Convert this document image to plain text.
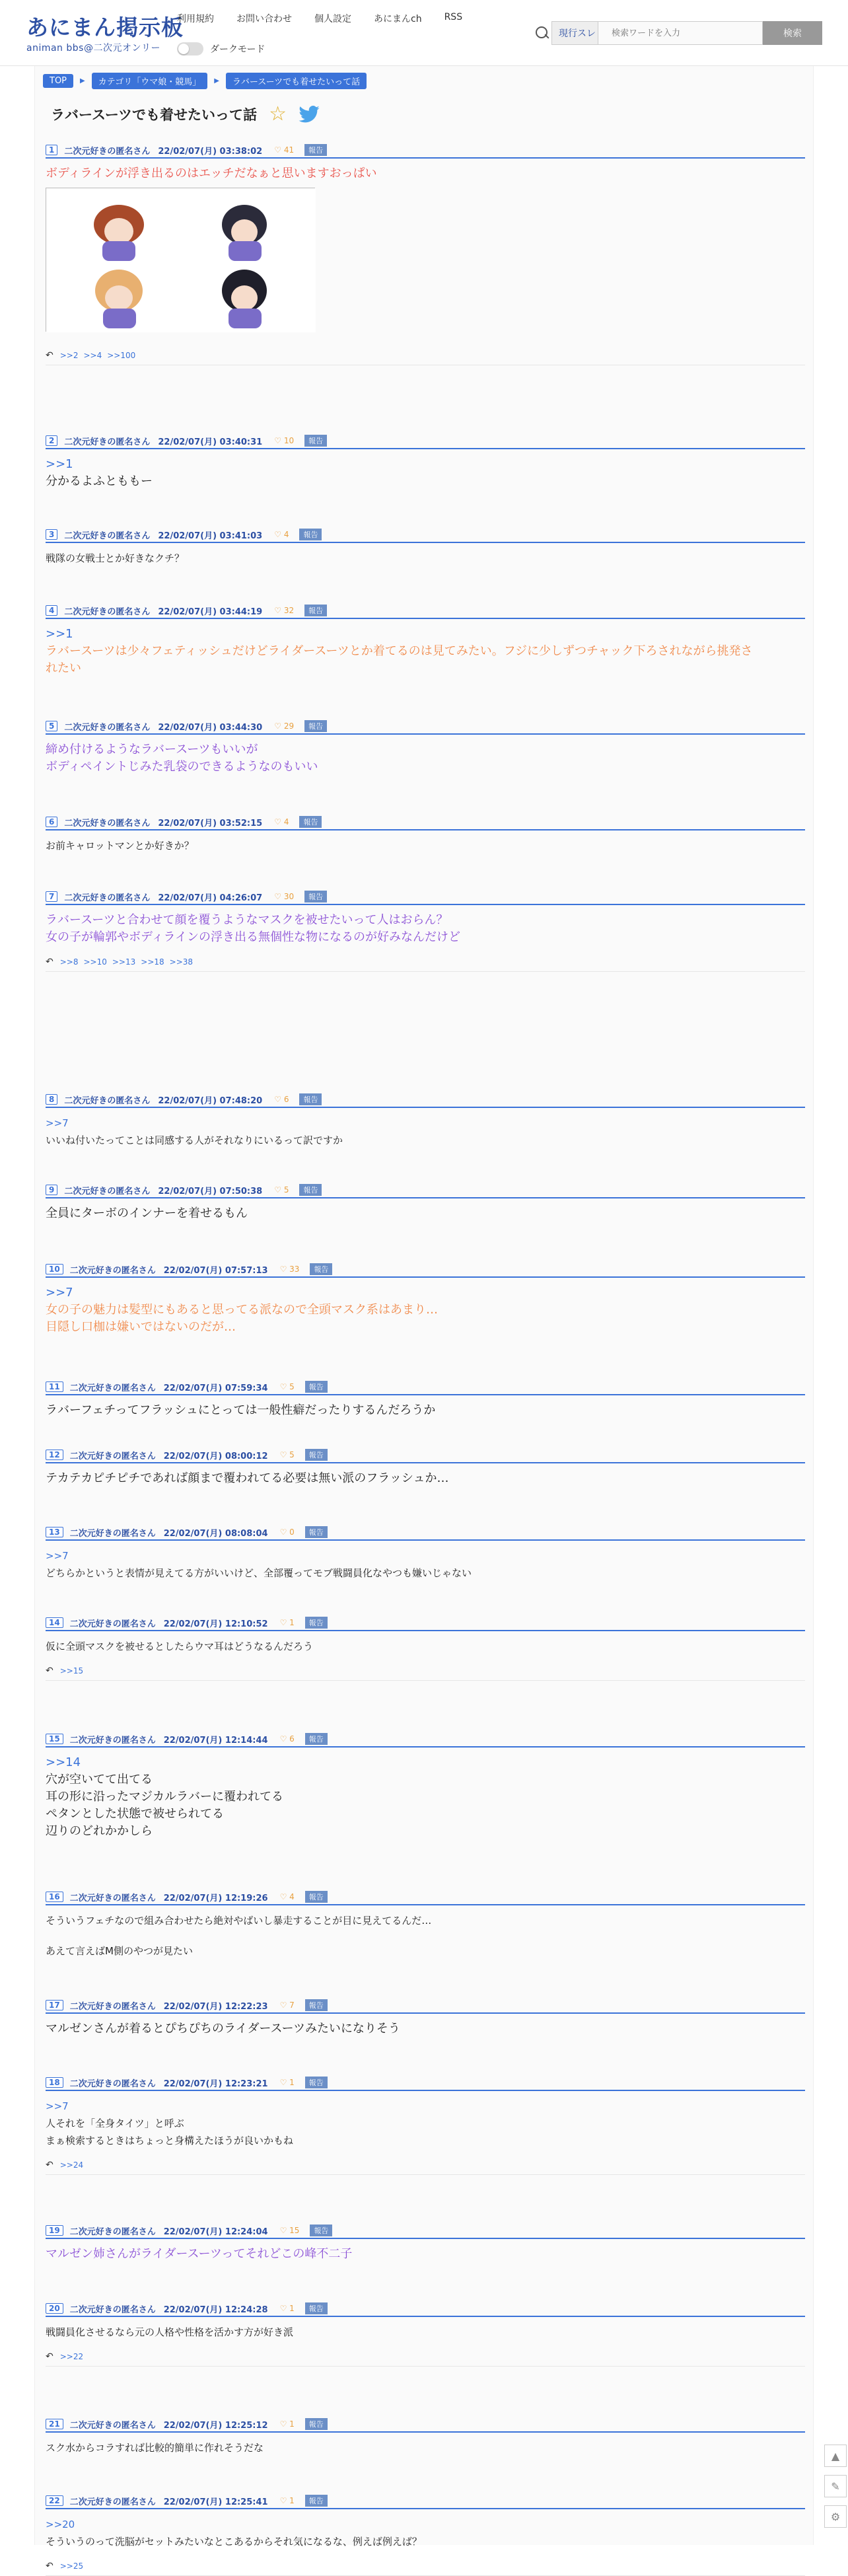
あにまん掲示板
animan bbs@二次元オンリー
利用規約 お問い合わせ 個人設定 あにまんch RSS
ダークモード
現行スレ
検索ワードを入力	検索
TOP	▶	カテゴリ「ウマ娘・競馬」	▶	ラバースーツでも着せたいって話
ラバースーツでも着せたいって話 ☆
1	二次元好きの匿名さん 22/02/07(月) 03:38:02 ♡ 41	報告
ボディラインが浮き出るのはエッチだなぁと思いますおっぱい
↶ >>2 >>4 >>100
2	二次元好きの匿名さん 22/02/07(月) 03:40:31 ♡ 10	報告
>>1
分かるよふとももー
3	二次元好きの匿名さん 22/02/07(月) 03:41:03 ♡ 4	報告
戦隊の女戦士とか好きなクチ？
4	二次元好きの匿名さん 22/02/07(月) 03:44:19 ♡ 32	報告
>>1
ラバースーツは少々フェティッシュだけどライダースーツとか着てるのは見てみたい。フジに少しずつチャック下ろされながら挑発さ
れたい
5	二次元好きの匿名さん 22/02/07(月) 03:44:30 ♡ 29	報告
締め付けるようなラバースーツもいいが
ボディペイントじみた乳袋のできるようなのもいい
6	二次元好きの匿名さん 22/02/07(月) 03:52:15 ♡ 4	報告
お前キャロットマンとか好きか？
7	二次元好きの匿名さん 22/02/07(月) 04:26:07 ♡ 30	報告
ラバースーツと合わせて顔を覆うようなマスクを被せたいって人はおらん？
女の子が輪郭やボディラインの浮き出る無個性な物になるのが好みなんだけど
↶ >>8 >>10 >>13 >>18 >>38
8	二次元好きの匿名さん 22/02/07(月) 07:48:20 ♡ 6	報告
>>7
いいね付いたってことは同感する人がそれなりにいるって訳ですか
9	二次元好きの匿名さん 22/02/07(月) 07:50:38 ♡ 5	報告
全員にターボのインナーを着せるもん
10	二次元好きの匿名さん 22/02/07(月) 07:57:13 ♡ 33	報告
>>7
女の子の魅力は髪型にもあると思ってる派なので全頭マスク系はあまり…
目隠し口枷は嫌いではないのだが…
11	二次元好きの匿名さん 22/02/07(月) 07:59:34 ♡ 5	報告
ラバーフェチってフラッシュにとっては一般性癖だったりするんだろうか
12	二次元好きの匿名さん 22/02/07(月) 08:00:12 ♡ 5	報告
テカテカピチピチであれば顔まで覆われてる必要は無い派のフラッシュか…
13	二次元好きの匿名さん 22/02/07(月) 08:08:04 ♡ 0	報告
>>7
どちらかというと表情が見えてる方がいいけど、全部覆ってモブ戦闘員化なやつも嫌いじゃない
14	二次元好きの匿名さん 22/02/07(月) 12:10:52 ♡ 1	報告
仮に全頭マスクを被せるとしたらウマ耳はどうなるんだろう
↶ >>15
15	二次元好きの匿名さん 22/02/07(月) 12:14:44 ♡ 6	報告
>>14
穴が空いてて出てる
耳の形に沿ったマジカルラバーに覆われてる
ペタンとした状態で被せられてる
辺りのどれかかしら
16	二次元好きの匿名さん 22/02/07(月) 12:19:26 ♡ 4	報告
そういうフェチなので組み合わせたら絶対やばいし暴走することが目に見えてるんだ…
あえて言えばM側のやつが見たい
17	二次元好きの匿名さん 22/02/07(月) 12:22:23 ♡ 7	報告
マルゼンさんが着るとぴちぴちのライダースーツみたいになりそう
18	二次元好きの匿名さん 22/02/07(月) 12:23:21 ♡ 1	報告
>>7
人それを「全身タイツ」と呼ぶ
まぁ検索するときはちょっと身構えたほうが良いかもね
↶ >>24
19	二次元好きの匿名さん 22/02/07(月) 12:24:04 ♡ 15	報告
マルゼン姉さんがライダースーツってそれどこの峰不二子
20	二次元好きの匿名さん 22/02/07(月) 12:24:28 ♡ 1	報告
戦闘員化させるなら元の人格や性格を活かす方が好き派
↶ >>22
21	二次元好きの匿名さん 22/02/07(月) 12:25:12 ♡ 1	報告
スク水からコラすれば比較的簡単に作れそうだな
22	二次元好きの匿名さん 22/02/07(月) 12:25:41 ♡ 1	報告
>>20
そういうのって洗脳がセットみたいなとこあるからそれ気になるな、例えば例えば？
↶ >>25
▲
✎
⚙
